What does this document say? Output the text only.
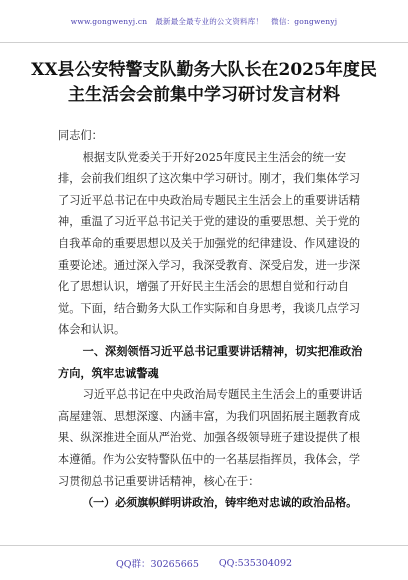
www.gongwenyj.cn 最新最全最专业的公文资料库！ 微信：gongwenyj
XX县公安特警支队勤务大队长在2025年度民主生活会会前集中学习研讨发言材料

同志们：

根据支队党委关于开好2025年度民主生活会的统一安排，会前我们组织了这次集中学习研讨。刚才，我们集体学习了习近平总书记在中央政治局专题民主生活会上的重要讲话精神，重温了习近平总书记关于党的建设的重要思想、关于党的自我革命的重要思想以及关于加强党的纪律建设、作风建设的重要论述。通过深入学习，我深受教育、深受启发，进一步深化了思想认识，增强了开好民主生活会的思想自觉和行动自觉。下面，结合勤务大队工作实际和自身思考，我谈几点学习体会和认识。

一、深刻领悟习近平总书记重要讲话精神，切实把准政治方向，筑牢忠诚警魂

习近平总书记在中央政治局专题民主生活会上的重要讲话高屋建瓴、思想深邃、内涵丰富，为我们巩固拓展主题教育成果、纵深推进全面从严治党、加强各级领导班子建设提供了根本遵循。作为公安特警队伍中的一名基层指挥员，我体会，学习贯彻总书记重要讲话精神，核心在于：

（一）必须旗帜鲜明讲政治，铸牢绝对忠诚的政治品格。

QQ群：30265665 QQ:535304092
